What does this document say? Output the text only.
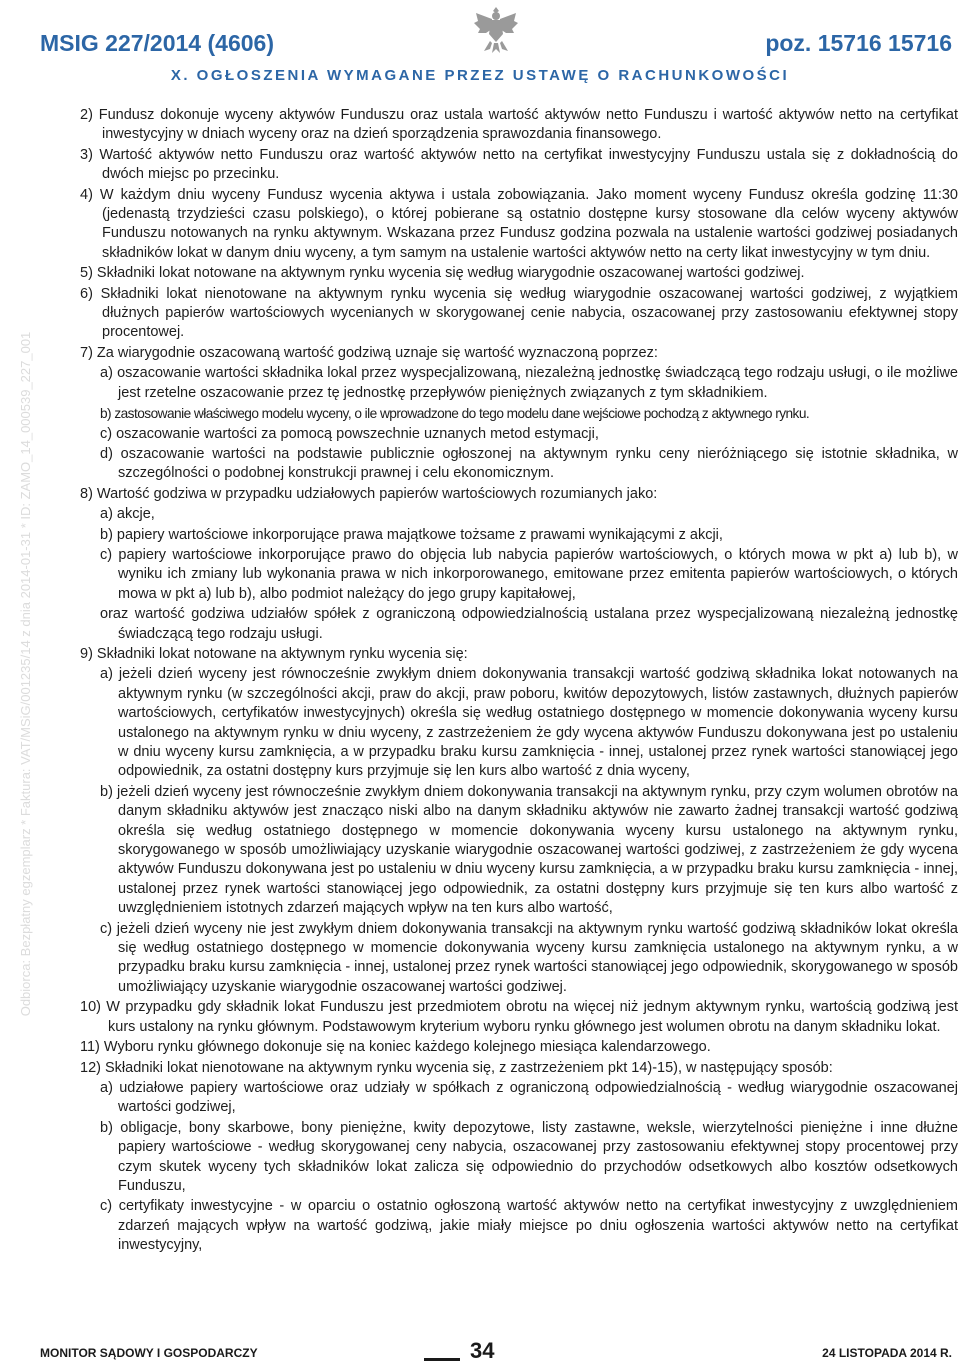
MSIG 227/2014 (4606)	poz. 15716 15716
X. OGŁOSZENIA WYMAGANE PRZEZ USTAWĘ O RACHUNKOWOŚCI
Odbiorca: Bezpłatny egzemplarz * Faktura: VAT/MSiG/001235/14 z dnia 2014-01-31 * ID: ZAMO_14_000539_227_001

2) Fundusz dokonuje wyceny aktywów Funduszu oraz ustala wartość aktywów netto Funduszu i wartość aktywów netto na certyfikat inwestycyjny w dniach wyceny oraz na dzień sporządzenia sprawozdania finansowego.

3) Wartość aktywów netto Funduszu oraz wartość aktywów netto na certyfikat inwestycyjny Funduszu ustala się z dokładnością do dwóch miejsc po przecinku.

4) W każdym dniu wyceny Fundusz wycenia aktywa i ustala zobowiązania. Jako moment wyceny Fundusz określa godzinę 11:30 (jedenastą trzydzieści czasu polskiego), o której pobierane są ostatnio dostępne kursy stosowane dla celów wyceny aktywów Funduszu notowanych na rynku aktywnym. Wskazana przez Fundusz godzina pozwala na ustalenie wartości godziwej posiadanych składników lokat w danym dniu wyceny, a tym samym na ustalenie wartości aktywów netto na certy likat inwestycyjny w tym dniu.

5) Składniki lokat notowane na aktywnym rynku wycenia się według wiarygodnie oszacowanej wartości godziwej.

6) Składniki lokat nienotowane na aktywnym rynku wycenia się według wiarygodnie oszacowanej wartości godziwej, z wyjątkiem dłużnych papierów wartościowych wycenianych w skorygowanej cenie nabycia, oszacowanej przy zastosowaniu efektywnej stopy procentowej.

7) Za wiarygodnie oszacowaną wartość godziwą uznaje się wartość wyznaczoną poprzez:

a) oszacowanie wartości składnika lokal przez wyspecjalizowaną, niezależną jednostkę świadczącą tego rodzaju usługi, o ile możliwe jest rzetelne oszacowanie przez tę jednostkę przepływów pieniężnych związanych z tym składnikiem.

b) zastosowanie właściwego modelu wyceny, o ile wprowadzone do tego modelu dane wejściowe pochodzą z aktywnego rynku.

c) oszacowanie wartości za pomocą powszechnie uznanych metod estymacji,

d) oszacowanie wartości na podstawie publicznie ogłoszonej na aktywnym rynku ceny nieróżniącego się istotnie składnika, w szczególności o podobnej konstrukcji prawnej i celu ekonomicznym.

8) Wartość godziwa w przypadku udziałowych papierów wartościowych rozumianych jako:

a) akcje,

b) papiery wartościowe inkorporujące prawa majątkowe tożsame z prawami wynikającymi z akcji,

c) papiery wartościowe inkorporujące prawo do objęcia lub nabycia papierów wartościowych, o których mowa w pkt a) lub b), w wyniku ich zmiany lub wykonania prawa w nich inkorporowanego, emitowane przez emitenta papierów wartościowych, o których mowa w pkt a) lub b), albo podmiot należący do jego grupy kapitałowej,

oraz wartość godziwa udziałów spółek z ograniczoną odpowiedzialnością ustalana przez wyspecjalizowaną niezależną jednostkę świadczącą tego rodzaju usługi.

9) Składniki lokat notowane na aktywnym rynku wycenia się:

a) jeżeli dzień wyceny jest równocześnie zwykłym dniem dokonywania transakcji wartość godziwą składnika lokat notowanych na aktywnym rynku (w szczególności akcji, praw do akcji, praw poboru, kwitów depozytowych, listów zastawnych, dłużnych papierów wartościowych, certyfikatów inwestycyjnych) określa się według ostatniego dostępnego w momencie dokonywania wyceny kursu ustalonego na aktywnym rynku w dniu wyceny, z zastrzeżeniem że gdy wycena aktywów Funduszu dokonywana jest po ustaleniu w dniu wyceny kursu zamknięcia, a w przypadku braku kursu zamknięcia - innej, ustalonej przez rynek wartości stanowiącej jego odpowiednik, za ostatni dostępny kurs przyjmuje się len kurs albo wartość z dnia wyceny,

b) jeżeli dzień wyceny jest równocześnie zwykłym dniem dokonywania transakcji na aktywnym rynku, przy czym wolumen obrotów na danym składniku aktywów jest znacząco niski albo na danym składniku aktywów nie zawarto żadnej transakcji wartość godziwą określa się według ostatniego dostępnego w momencie dokonywania wyceny kursu ustalonego na aktywnym rynku, skorygowanego w sposób umożliwiający uzyskanie wiarygodnie oszacowanej wartości godziwej, z zastrzeżeniem że gdy wycena aktywów Funduszu dokonywana jest po ustaleniu w dniu wyceny kursu zamknięcia, a w przypadku braku kursu zamknięcia - innej, ustalonej przez rynek wartości stanowiącej jego odpowiednik, za ostatni dostępny kurs przyjmuje się ten kurs albo wartość z uwzględnieniem istotnych zdarzeń mających wpływ na ten kurs albo wartość,

c) jeżeli dzień wyceny nie jest zwykłym dniem dokonywania transakcji na aktywnym rynku wartość godziwą składników lokat określa się według ostatniego dostępnego w momencie dokonywania wyceny kursu zamknięcia ustalonego na aktywnym rynku, a w przypadku braku kursu zamknięcia - innej, ustalonej przez rynek wartości stanowiącej jego odpowiednik, skorygowanego w sposób umożliwiający uzyskanie wiarygodnie oszacowanej wartości godziwej.

10) W przypadku gdy składnik lokat Funduszu jest przedmiotem obrotu na więcej niż jednym aktywnym rynku, wartością godziwą jest kurs ustalony na rynku głównym. Podstawowym kryterium wyboru rynku głównego jest wolumen obrotu na danym składniku lokat.

11) Wyboru rynku głównego dokonuje się na koniec każdego kolejnego miesiąca kalendarzowego.

12) Składniki lokat nienotowane na aktywnym rynku wycenia się, z zastrzeżeniem pkt 14)-15), w następujący sposób:

a) udziałowe papiery wartościowe oraz udziały w spółkach z ograniczoną odpowiedzialnością - według wiarygodnie oszacowanej wartości godziwej,

b) obligacje, bony skarbowe, bony pieniężne, kwity depozytowe, listy zastawne, weksle, wierzytelności pieniężne i inne dłużne papiery wartościowe - według skorygowanej ceny nabycia, oszacowanej przy zastosowaniu efektywnej stopy procentowej przy czym skutek wyceny tych składników lokat zalicza się odpowiednio do przychodów odsetkowych albo kosztów odsetkowych Funduszu,

c) certyfikaty inwestycyjne - w oparciu o ostatnio ogłoszoną wartość aktywów netto na certyfikat inwestycyjny z uwzględnieniem zdarzeń mających wpływ na wartość godziwą, jakie miały miejsce po dniu ogłoszenia wartości aktywów netto na certyfikat inwestycyjny,

MONITOR SĄDOWY I GOSPODARCZY	34	24 LISTOPADA 2014 R.
